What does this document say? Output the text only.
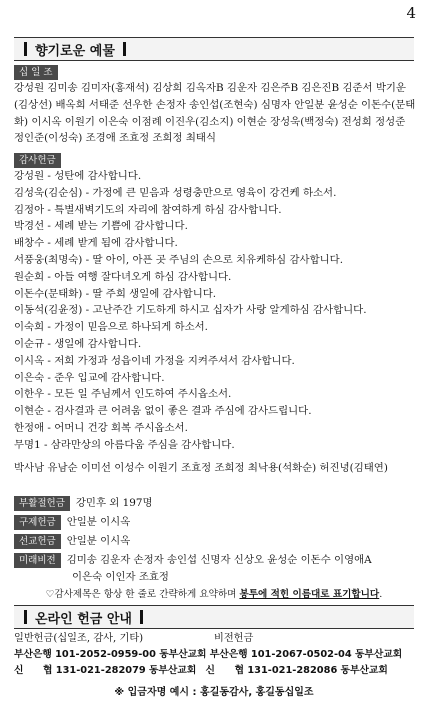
4
향기로운 예물
십 일 조
강성원 김미송 김미자(홍재석) 김상희 김옥자B 김운자 김은주B 김은진B 김준서 박기운(김상선) 배옥희 서태준 선우한 손정자 송인섭(조현숙) 심명자 안일분 윤성순 이돈수(문태화) 이시옥 이원기 이은숙 이점례 이진우(김소지) 이현순 장성욱(백정숙) 전성희 정성준 정인준(이성숙) 조경애 조효정 조희정 최태식
감사헌금
강성원 - 성탄에 감사합니다.
김성욱(김순심) - 가정에 큰 믿음과 성령충만으로 영육이 강건케 하소서.
김정아 - 특별새벽기도의 자리에 참여하게 하심 감사합니다.
박경선 - 세례 받는 기쁨에 감사합니다.
배창수 - 세례 받게 됨에 감사합니다.
서풍웅(최명숙) - 딸 아이, 아픈 곳 주님의 손으로 치유케하심 감사합니다.
원순희 - 아들 여행 잘다녀오게 하심 감사합니다.
이돈수(문태화) - 딸 주희 생일에 감사합니다.
이동석(김윤정) - 고난주간 기도하게 하시고 십자가 사랑 알게하심 감사합니다.
이숙희 - 가정이 믿음으로 하나되게 하소서.
이순규 - 생일에 감사합니다.
이시옥 - 저희 가정과 성읍이네 가정을 지켜주셔서 감사합니다.
이은숙 - 준우 입교에 감사합니다.
이한우 - 모든 일 주님께서 인도하여 주시옵소서.
이현순 - 검사결과 큰 어려움 없이 좋은 결과 주심에 감사드립니다.
한정애 - 어머니 건강 회복 주시옵소서.
무명1 - 삼라만상의 아름다움 주심을 감사합니다.
박사남 유남순 이미선 이성수 이원기 조효정 조희정 최낙용(석화순) 허진녕(김태연)
부활절헌금 강민후 외 197명
구제헌금 안일분 이시옥
선교헌금 안일분 이시옥
미래비전 김미송 김운자 손정자 송인섭 신명자 신상오 윤성순 이돈수 이영애A
이은숙 이인자 조효정
♡감사제목은 항상 한 줄로 간략하게 요약하며 봉투에 적힌 이름대로 표기합니다.
온라인 헌금 안내
일반헌금(십일조, 감사, 기타)	비전헌금
부산은행 101-2052-0959-00 동부산교회 부산은행 101-2067-0502-04 동부산교회
신　　협 131-021-282079 동부산교회 신　　협 131-021-282086 동부산교회
※ 입금자명 예시 : 홍길동감사, 홍길동십일조
